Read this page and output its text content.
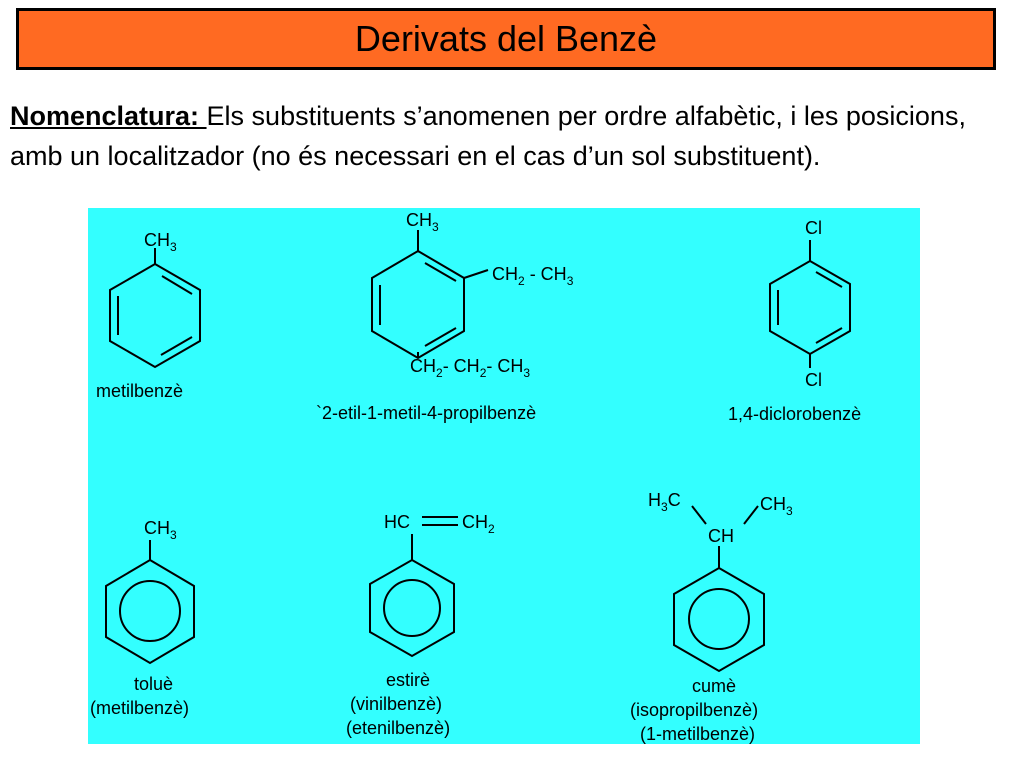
Derivats del Benzè
Nomenclatura: Els substituents s’anomenen per ordre alfabètic, i les posicions, amb un localitzador (no és necessari en el cas d’un sol substituent).
$CH_3$
metilbenzè
$CH_3$
$CH_2 - CH_3$
$CH_2-$ $CH_2-$ $CH_3$
`2-etil-1-metil-4-propilbenzè
Cl
Cl
1,4-diclorobenzè
$CH_3$
toluè
(metilbenzè)
HC	$CH_2$
estirè
(vinilbenzè)
(etenilbenzè)
$H_3C$	$CH_3$
CH
cumè
(isopropilbenzè)
(1-metilbenzè)
